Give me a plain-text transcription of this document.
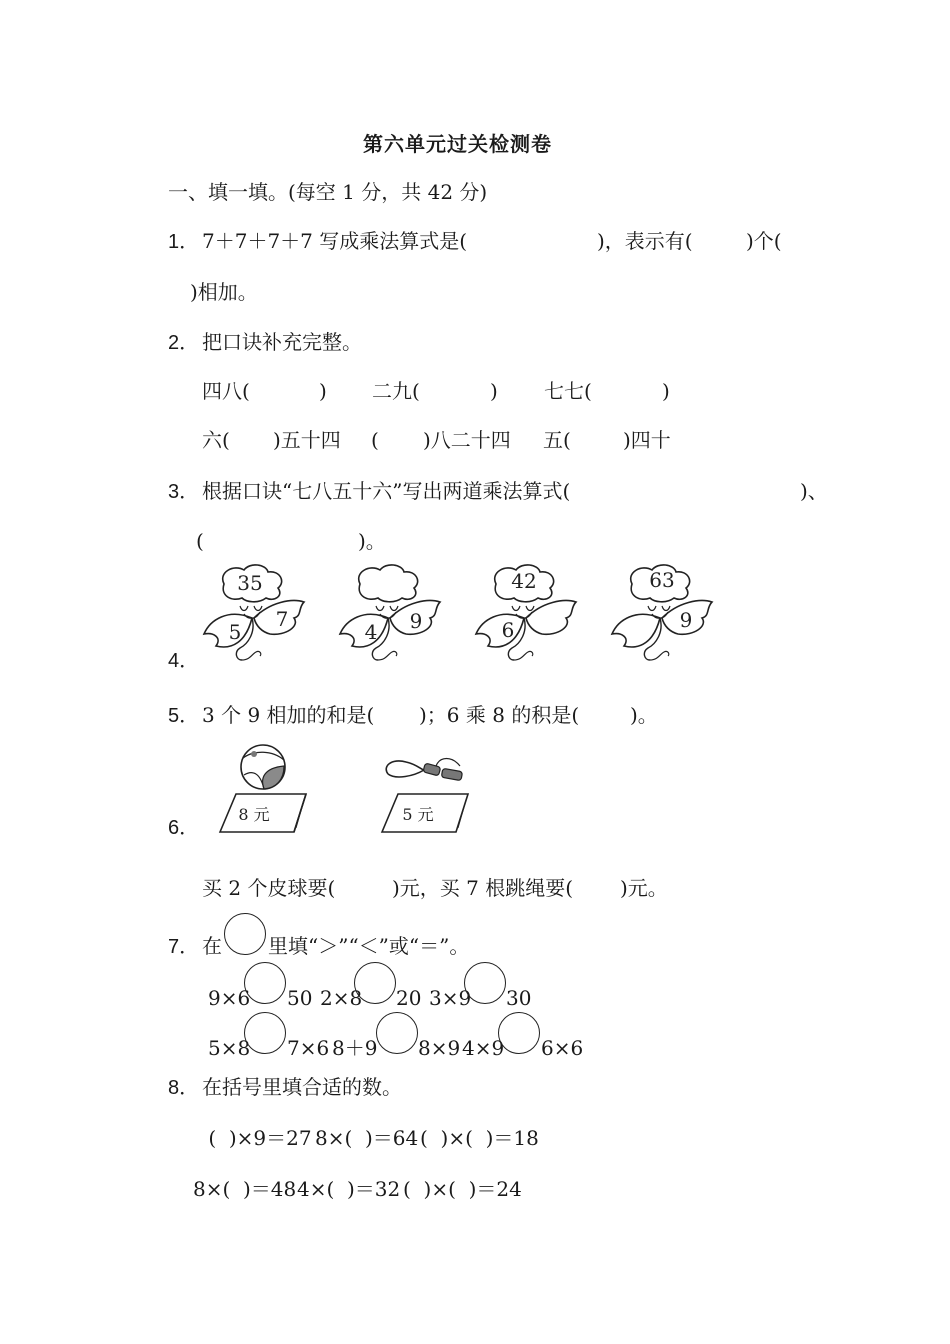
第六单元过关检测卷
一、填一填。(每空 1 分，共 42 分)
1． 7＋7＋7＋7 写成乘法算式是(	)，表示有(	)个(
)相加。
2． 把口诀补充完整。
四八(	) 二九(	) 七七(	)
六( )五十四 ( )八二十四 五(	)四十
3． 根据口诀“七八五十六”写出两道乘法算式(	)、
(	)。
4．
35
5
7
4 9
42
6
63
9
5． 3 个 9 相加的和是( )；6 乘 8 的积是(	)。
6．
8 元	5 元
买 2 个皮球要(	)元，买 7 根跳绳要( )元。
7． 在 里填“＞”“＜”或“＝”。
9×6 50 2×8 20 3×9 30
5×8 7×6 8＋9 8×9 4×9 6×6
8． 在括号里填合适的数。
(  )×9＝27 8×(  )＝64 (  )×(  )＝18
8×(  )＝48 4×(  )＝32 (  )×(  )＝24
